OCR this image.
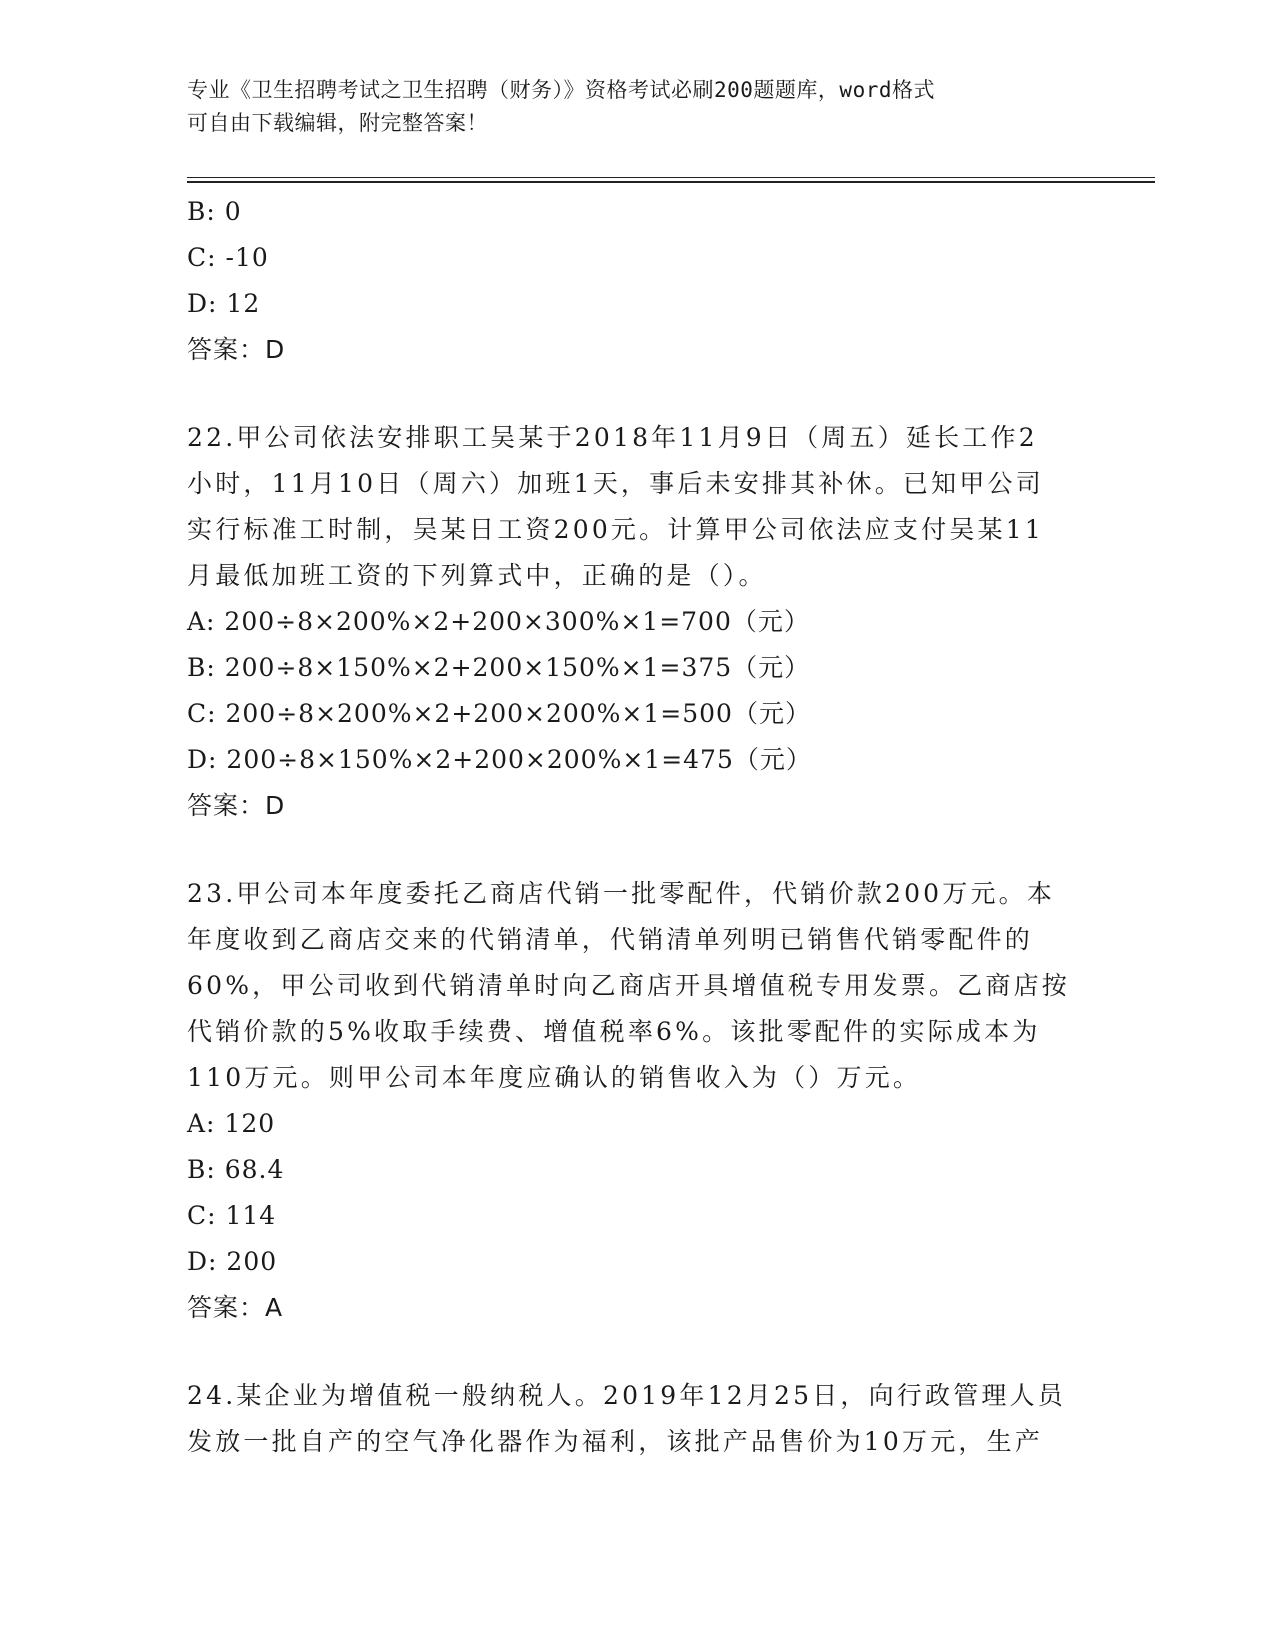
专业《卫生招聘考试之卫生招聘（财务）》资格考试必刷200题题库，word格式
可自由下载编辑，附完整答案！
B: 0
C: -10
D: 12
答案：D
22.甲公司依法安排职工吴某于2018年11月9日（周五）延长工作2
小时，11月10日（周六）加班1天，事后未安排其补休。已知甲公司
实行标准工时制，吴某日工资200元。计算甲公司依法应支付吴某11
月最低加班工资的下列算式中，正确的是（）。
A: 200÷8×200%×2+200×300%×1=700（元）
B: 200÷8×150%×2+200×150%×1=375（元）
C: 200÷8×200%×2+200×200%×1=500（元）
D: 200÷8×150%×2+200×200%×1=475（元）
答案：D
23.甲公司本年度委托乙商店代销一批零配件，代销价款200万元。本
年度收到乙商店交来的代销清单，代销清单列明已销售代销零配件的
60%，甲公司收到代销清单时向乙商店开具增值税专用发票。乙商店按
代销价款的5%收取手续费、增值税率6%。该批零配件的实际成本为
110万元。则甲公司本年度应确认的销售收入为（）万元。
A: 120
B: 68.4
C: 114
D: 200
答案：A
24.某企业为增值税一般纳税人。2019年12月25日，向行政管理人员
发放一批自产的空气净化器作为福利，该批产品售价为10万元，生产
